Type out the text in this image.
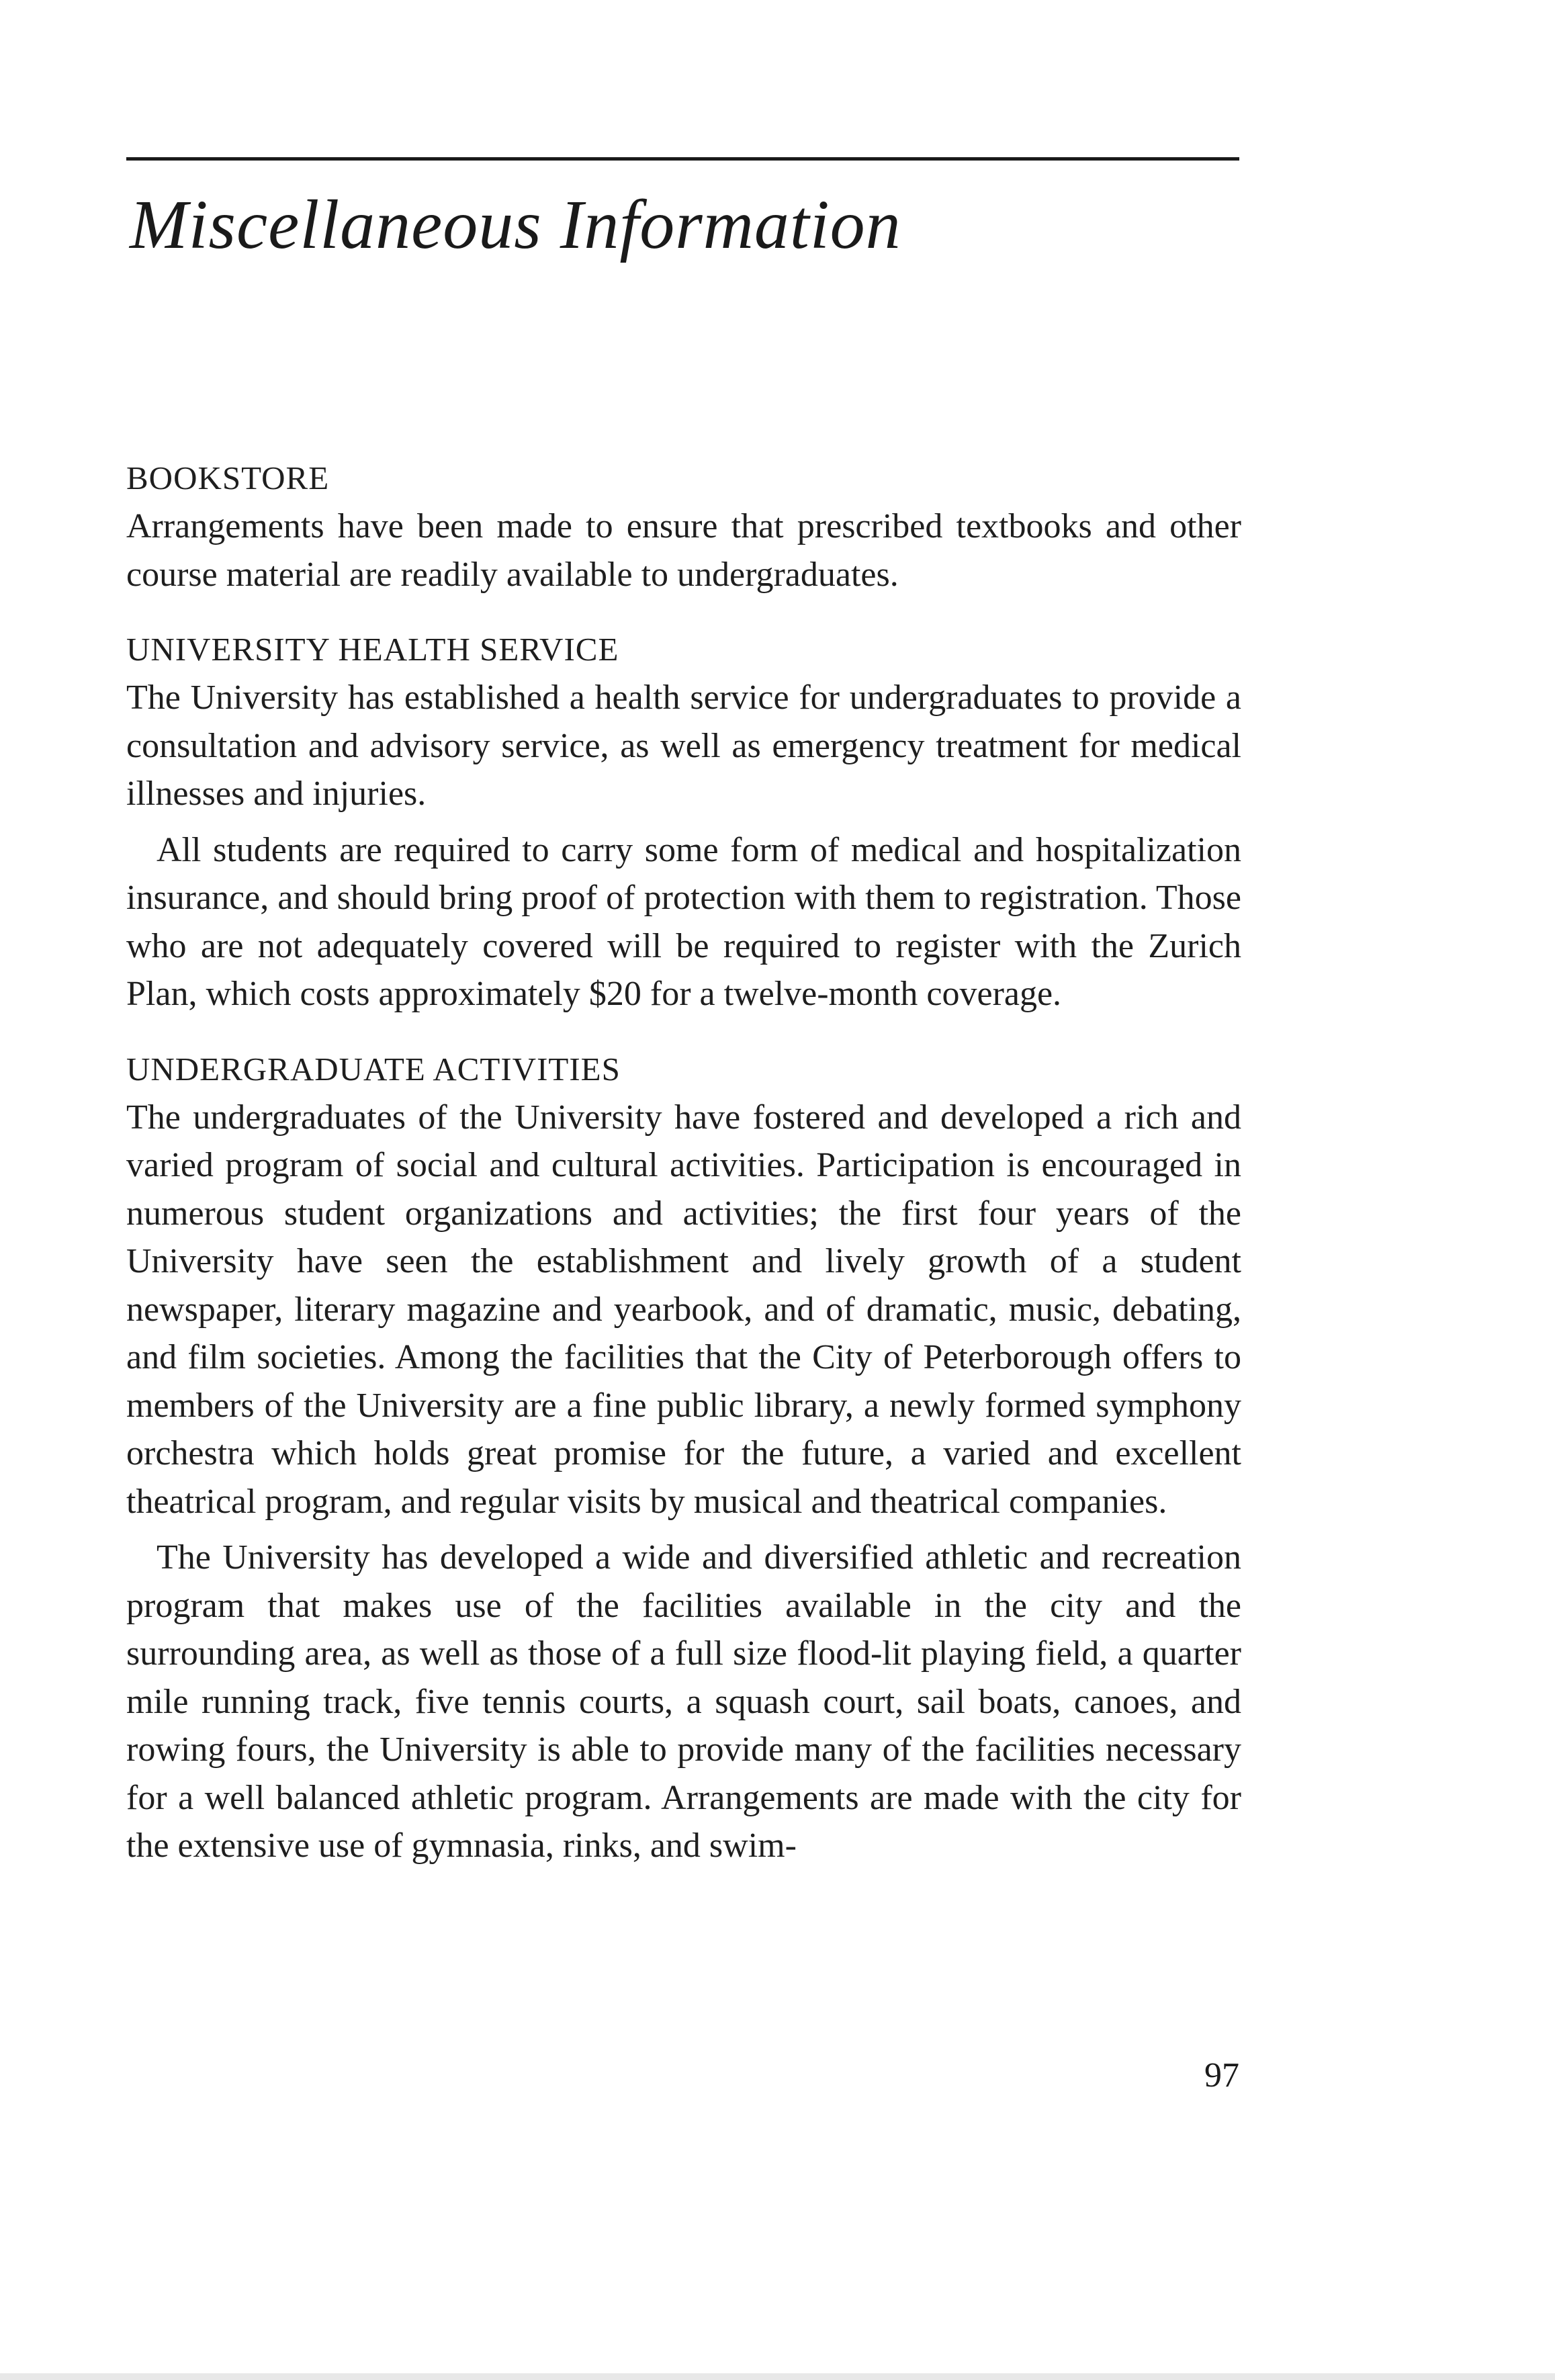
Miscellaneous Information
BOOKSTORE

Arrangements have been made to ensure that prescribed textbooks and other course material are readily available to undergraduates.

UNIVERSITY HEALTH SERVICE

The University has established a health service for undergraduates to provide a consultation and advisory service, as well as emergency treatment for medical illnesses and injuries.

All students are required to carry some form of medical and hospitalization insurance, and should bring proof of protection with them to registration. Those who are not adequately covered will be required to register with the Zurich Plan, which costs approximately $20 for a twelve-month coverage.

UNDERGRADUATE ACTIVITIES

The undergraduates of the University have fostered and developed a rich and varied program of social and cultural activities. Participation is encouraged in numerous student organizations and activities; the first four years of the University have seen the establishment and lively growth of a student newspaper, literary magazine and yearbook, and of dramatic, music, debating, and film societies. Among the facilities that the City of Peterborough offers to members of the University are a fine public library, a newly formed symphony orchestra which holds great promise for the future, a varied and excellent theatrical program, and regular visits by musical and theatrical companies.

The University has developed a wide and diversified athletic and recreation program that makes use of the facilities available in the city and the surrounding area, as well as those of a full size flood-lit playing field, a quarter mile running track, five tennis courts, a squash court, sail boats, canoes, and rowing fours, the University is able to provide many of the facilities necessary for a well balanced athletic program. Arrangements are made with the city for the extensive use of gymnasia, rinks, and swim-

97
